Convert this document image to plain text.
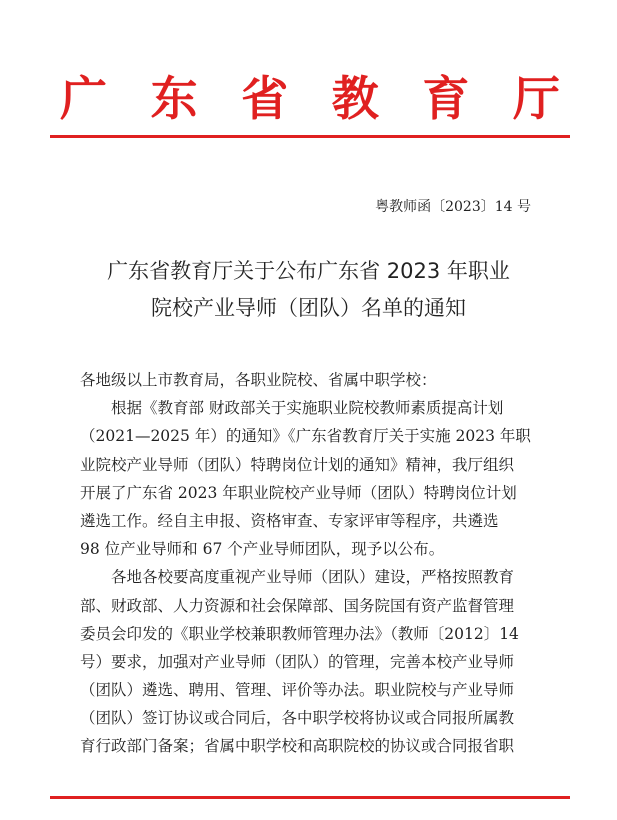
广 东 省 教 育 厅
粤教师函〔2023〕14 号
广东省教育厅关于公布广东省 2023 年职业
院校产业导师（团队）名单的通知
各地级以上市教育局，各职业院校、省属中职学校：
根据《教育部 财政部关于实施职业院校教师素质提高计划
（2021—2025 年）的通知》《广东省教育厅关于实施 2023 年职
业院校产业导师（团队）特聘岗位计划的通知》精神，我厅组织
开展了广东省 2023 年职业院校产业导师（团队）特聘岗位计划
遴选工作。经自主申报、资格审查、专家评审等程序，共遴选
98 位产业导师和 67 个产业导师团队，现予以公布。
各地各校要高度重视产业导师（团队）建设，严格按照教育
部、财政部、人力资源和社会保障部、国务院国有资产监督管理
委员会印发的《职业学校兼职教师管理办法》（教师〔2012〕14
号）要求，加强对产业导师（团队）的管理，完善本校产业导师
（团队）遴选、聘用、管理、评价等办法。职业院校与产业导师
（团队）签订协议或合同后，各中职学校将协议或合同报所属教
育行政部门备案；省属中职学校和高职院校的协议或合同报省职
